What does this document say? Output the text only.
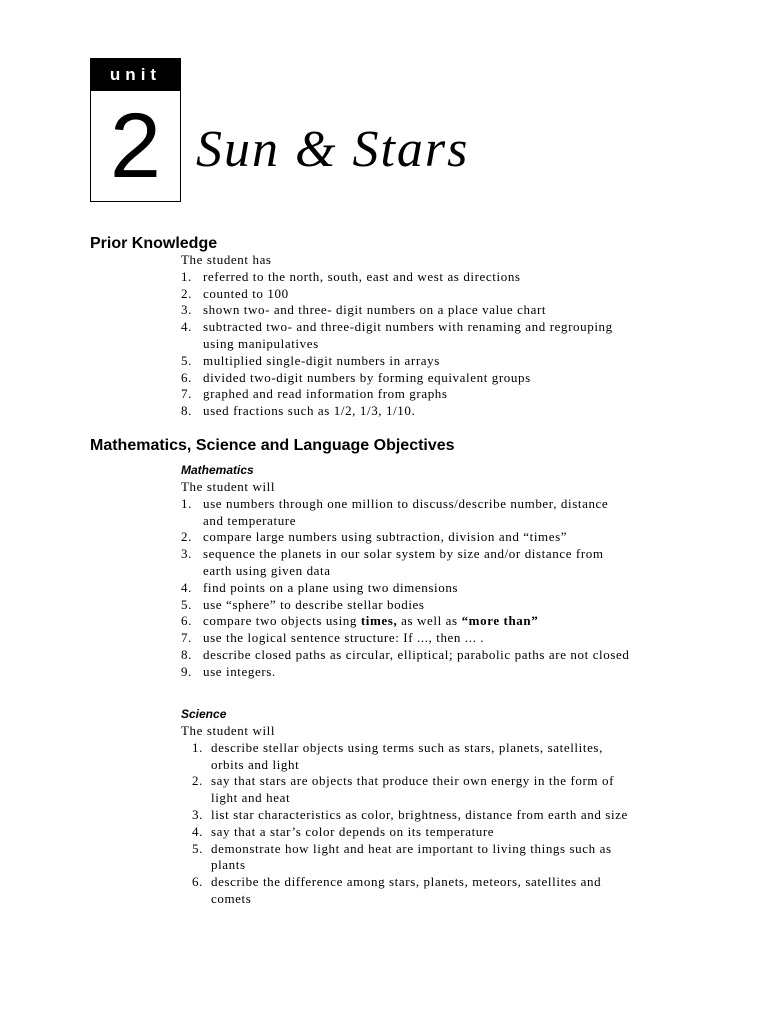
unit
2 Sun & Stars
Prior Knowledge

The student has

1. referred to the north, south, east and west as directions
2. counted to 100
3. shown two- and three- digit numbers on a place value chart
4. subtracted two- and three-digit numbers with renaming and regrouping using manipulatives
5. multiplied single-digit numbers in arrays
6. divided two-digit numbers by forming equivalent groups
7. graphed and read information from graphs
8. used fractions such as 1/2, 1/3, 1/10.
Mathematics, Science and Language Objectives
Mathematics

The student will

1. use numbers through one million to discuss/describe number, distance and temperature
2. compare large numbers using subtraction, division and “times”
3. sequence the planets in our solar system by size and/or distance from earth using given data
4. find points on a plane using two dimensions
5. use “sphere” to describe stellar bodies
6. compare two objects using times, as well as “more than”
7. use the logical sentence structure: If ..., then ... .
8. describe closed paths as circular, elliptical; parabolic paths are not closed
9. use integers.
Science

The student will

1. describe stellar objects using terms such as stars, planets, satellites, orbits and light
2. say that stars are objects that produce their own energy in the form of light and heat
3. list star characteristics as color, brightness, distance from earth and size
4. say that a star’s color depends on its temperature
5. demonstrate how light and heat are important to living things such as plants
6. describe the difference among stars, planets, meteors, satellites and comets
